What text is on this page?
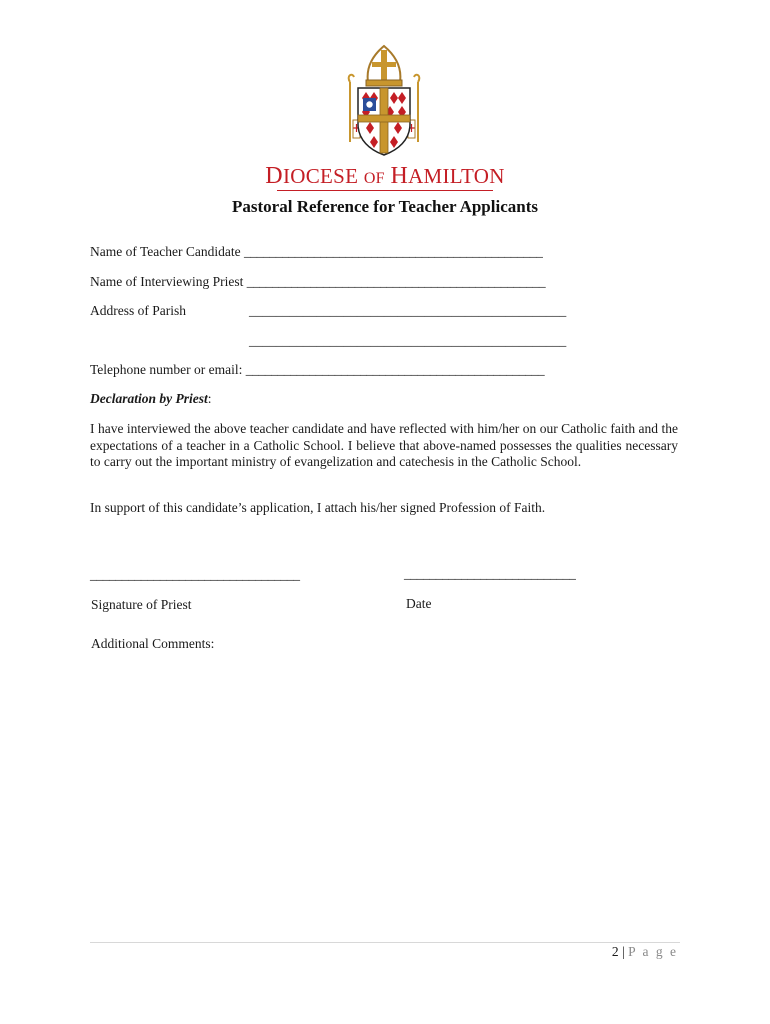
DIOCESE OF HAMILTON
Pastoral Reference for Teacher Applicants
Name of Teacher Candidate _______________________________________________
Name of Interviewing Priest _______________________________________________
Address of Parish	_______________________________________________
_______________________________________________
Telephone number or email: _______________________________________________
Declaration by Priest:
I have interviewed the above teacher candidate and have reflected with him/her on our Catholic faith and the expectations of a teacher in a Catholic School. I believe that above-named possesses the qualities necessary to carry out the important ministry of evangelization and catechesis in the Catholic School.
In support of this candidate’s application, I attach his/her signed Profession of Faith.
_________________________________	___________________________
Signature of Priest	Date
Additional Comments:
2 | P a g e
